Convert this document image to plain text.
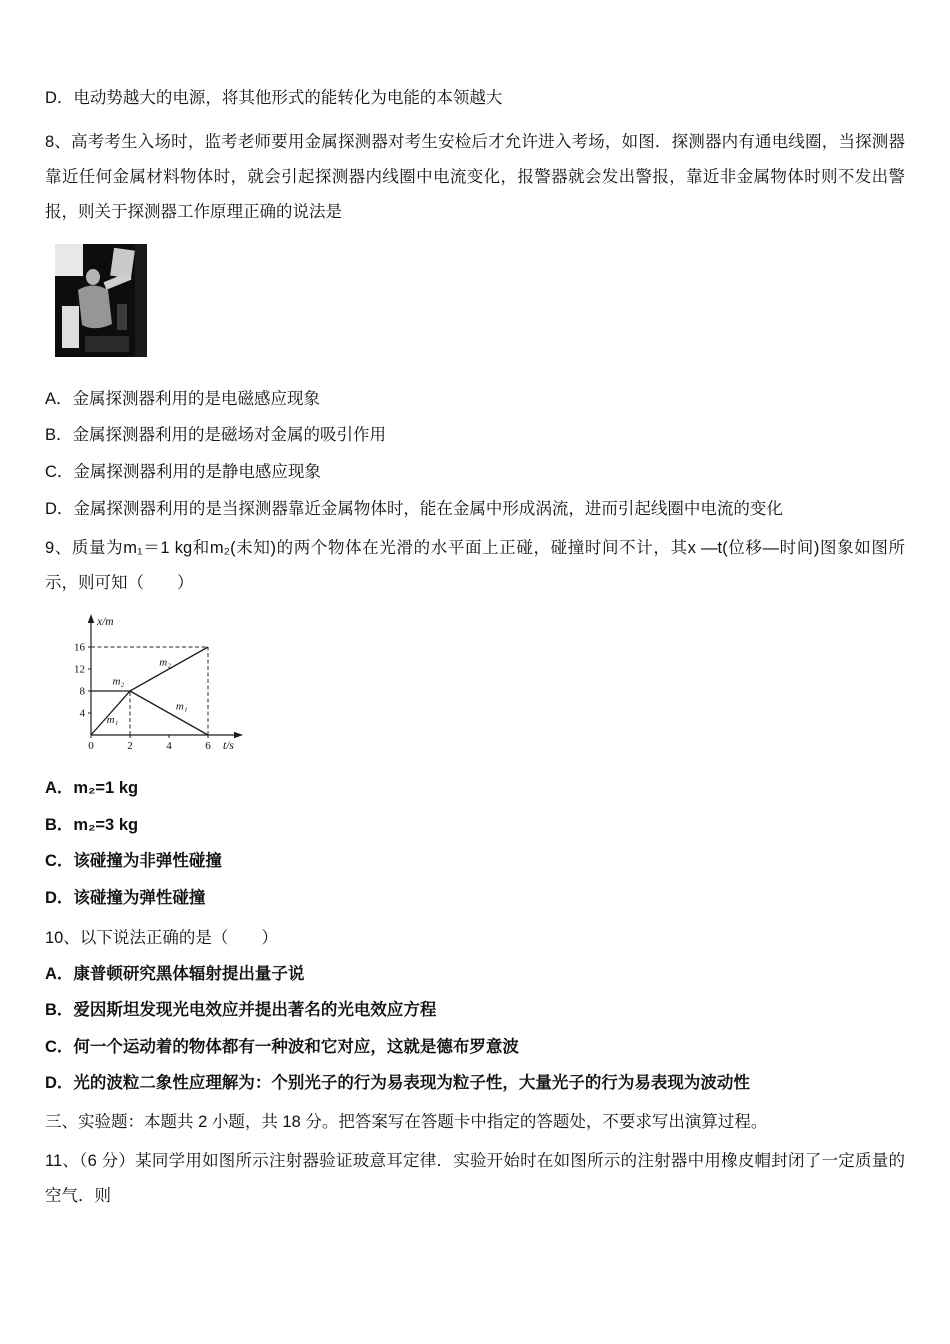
D．电动势越大的电源，将其他形式的能转化为电能的本领越大

8、高考考生入场时，监考老师要用金属探测器对考生安检后才允许进入考场，如图．探测器内有通电线圈，当探测器靠近任何金属材料物体时，就会引起探测器内线圈中电流变化，报警器就会发出警报，靠近非金属物体时则不发出警报，则关于探测器工作原理正确的说法是

A．金属探测器利用的是电磁感应现象

B．金属探测器利用的是磁场对金属的吸引作用

C．金属探测器利用的是静电感应现象

D．金属探测器利用的是当探测器靠近金属物体时，能在金属中形成涡流，进而引起线圈中电流的变化

9、质量为m₁＝1 kg和m₂(未知)的两个物体在光滑的水平面上正碰，碰撞时间不计，其x —t(位移—时间)图象如图所示，则可知（　　）

x/m
t/s
m₁
m₁
m₂
m₂
0	2	4	6
4
8
12
16

A．m₂=1 kg

B．m₂=3 kg

C．该碰撞为非弹性碰撞

D．该碰撞为弹性碰撞

10、以下说法正确的是（　　）

A．康普顿研究黑体辐射提出量子说

B．爱因斯坦发现光电效应并提出著名的光电效应方程

C．何一个运动着的物体都有一种波和它对应，这就是德布罗意波

D．光的波粒二象性应理解为：个别光子的行为易表现为粒子性，大量光子的行为易表现为波动性

三、实验题：本题共 2 小题，共 18 分。把答案写在答题卡中指定的答题处，不要求写出演算过程。

11、（6 分）某同学用如图所示注射器验证玻意耳定律．实验开始时在如图所示的注射器中用橡皮帽封闭了一定质量的空气．则
